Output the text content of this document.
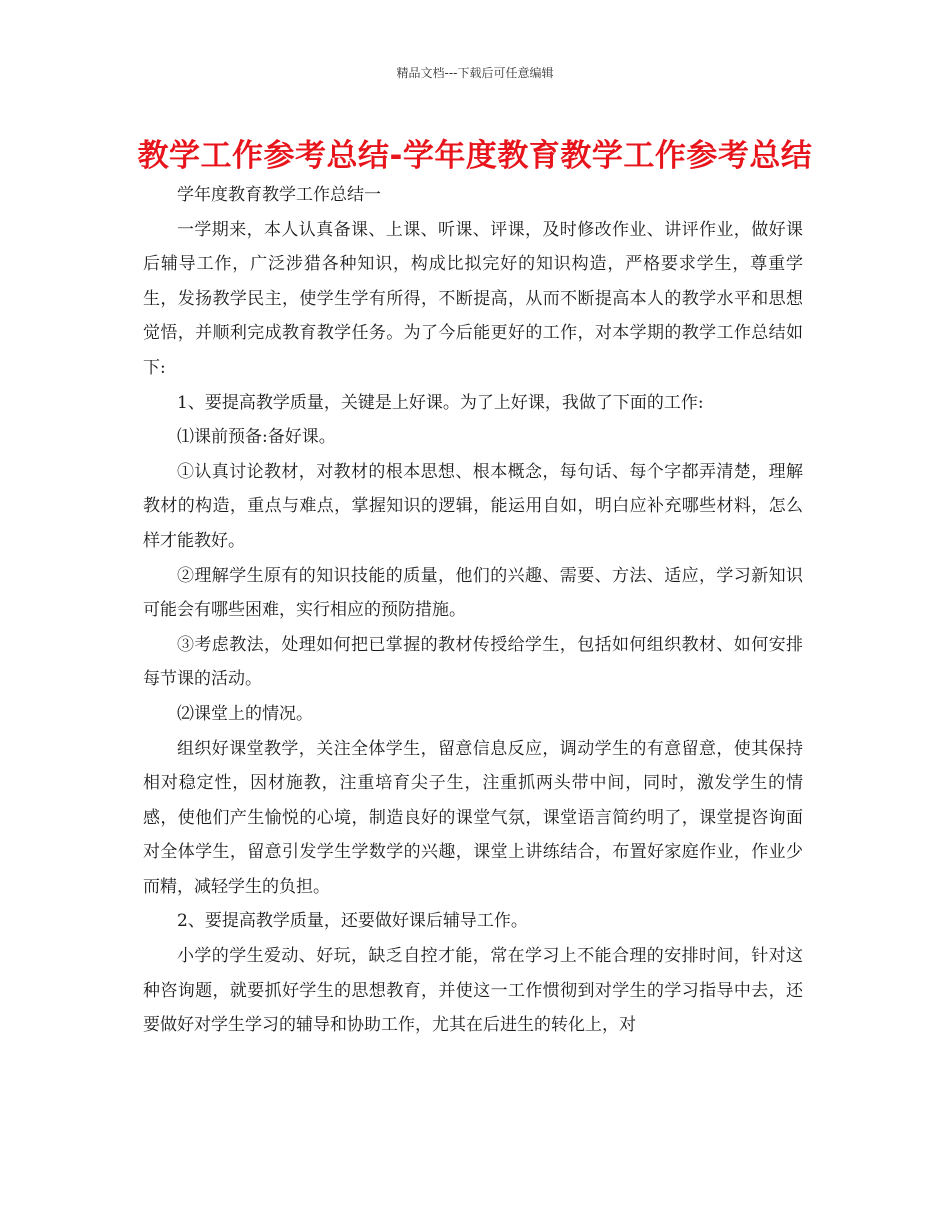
精品文档---下载后可任意编辑
教学工作参考总结-学年度教育教学工作参考总结

学年度教育教学工作总结一

一学期来，本人认真备课、上课、听课、评课，及时修改作业、讲评作业，做好课后辅导工作，广泛涉猎各种知识，构成比拟完好的知识构造，严格要求学生，尊重学生，发扬教学民主，使学生学有所得，不断提高，从而不断提高本人的教学水平和思想觉悟，并顺利完成教育教学任务。为了今后能更好的工作，对本学期的教学工作总结如下:

1、要提高教学质量，关键是上好课。为了上好课，我做了下面的工作:

⑴课前预备:备好课。

①认真讨论教材，对教材的根本思想、根本概念，每句话、每个字都弄清楚，理解教材的构造，重点与难点，掌握知识的逻辑，能运用自如，明白应补充哪些材料，怎么样才能教好。

②理解学生原有的知识技能的质量，他们的兴趣、需要、方法、适应，学习新知识可能会有哪些困难，实行相应的预防措施。

③考虑教法，处理如何把已掌握的教材传授给学生，包括如何组织教材、如何安排每节课的活动。

⑵课堂上的情况。

组织好课堂教学，关注全体学生，留意信息反应，调动学生的有意留意，使其保持相对稳定性，因材施教，注重培育尖子生，注重抓两头带中间，同时，激发学生的情感，使他们产生愉悦的心境，制造良好的课堂气氛，课堂语言简约明了，课堂提咨询面对全体学生，留意引发学生学数学的兴趣，课堂上讲练结合，布置好家庭作业，作业少而精，减轻学生的负担。

2、要提高教学质量，还要做好课后辅导工作。

小学的学生爱动、好玩，缺乏自控才能，常在学习上不能合理的安排时间，针对这种咨询题，就要抓好学生的思想教育，并使这一工作惯彻到对学生的学习指导中去，还要做好对学生学习的辅导和协助工作，尤其在后进生的转化上，对
